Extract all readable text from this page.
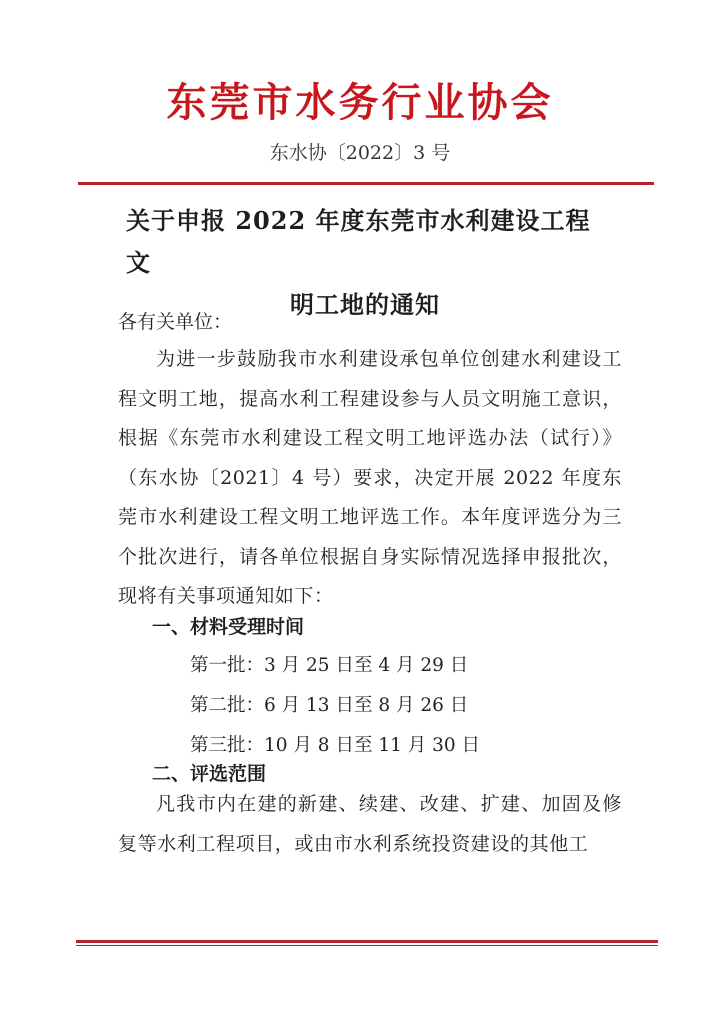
东莞市水务行业协会
东水协〔2022〕3 号
关于申报 2022 年度东莞市水利建设工程文
明工地的通知
各有关单位：
为进一步鼓励我市水利建设承包单位创建水利建设工程文明工地，提高水利工程建设参与人员文明施工意识，根据《东莞市水利建设工程文明工地评选办法（试行）》（东水协〔2021〕4 号）要求，决定开展 2022 年度东莞市水利建设工程文明工地评选工作。本年度评选分为三个批次进行，请各单位根据自身实际情况选择申报批次，现将有关事项通知如下：
一、材料受理时间
第一批：3 月 25 日至 4 月 29 日
第二批：6 月 13 日至 8 月 26 日
第三批：10 月 8 日至 11 月 30 日
二、评选范围
凡我市内在建的新建、续建、改建、扩建、加固及修复等水利工程项目，或由市水利系统投资建设的其他工
